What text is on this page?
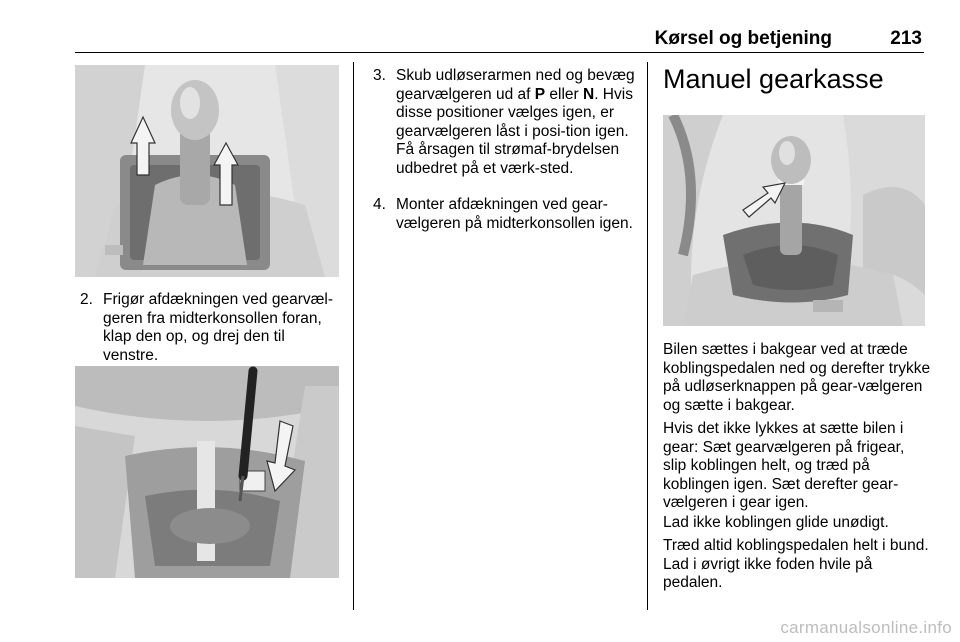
Kørsel og betjening	213
2. Frigør afdækningen ved gearvæl-geren fra midterkonsollen foran, klap den op, og drej den til venstre.
3. Skub udløserarmen ned og bevæg gearvælgeren ud af P eller N. Hvis disse positioner vælges igen, er gearvælgeren låst i posi-tion igen. Få årsagen til strømaf-brydelsen udbedret på et værk-sted.
4. Monter afdækningen ved gear-vælgeren på midterkonsollen igen.
Manuel gearkasse
Bilen sættes i bakgear ved at træde koblingspedalen ned og derefter trykke på udløserknappen på gear-vælgeren og sætte i bakgear.
Hvis det ikke lykkes at sætte bilen i gear: Sæt gearvælgeren på frigear, slip koblingen helt, og træd på koblingen igen. Sæt derefter gear-vælgeren i gear igen.
Lad ikke koblingen glide unødigt.
Træd altid koblingspedalen helt i bund. Lad i øvrigt ikke foden hvile på pedalen.
carmanualsonline.info
